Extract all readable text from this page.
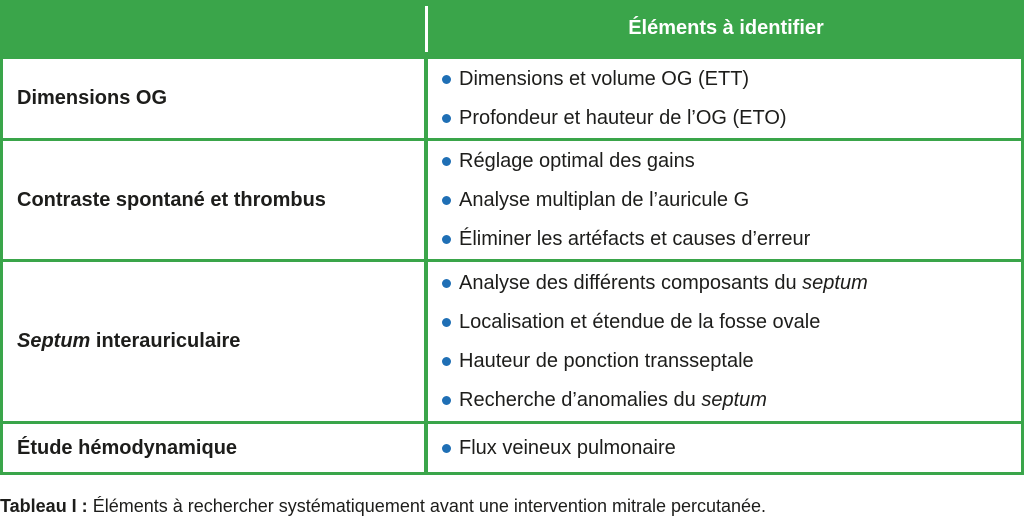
Éléments à identifier
Dimensions OG
Dimensions et volume OG (ETT)
Profondeur et hauteur de l’OG (ETO)
Contraste spontané et thrombus
Réglage optimal des gains
Analyse multiplan de l’auricule G
Éliminer les artéfacts et causes d’erreur
Septum interauriculaire
Analyse des différents composants du septum
Localisation et étendue de la fosse ovale
Hauteur de ponction transseptale
Recherche d’anomalies du septum
Étude hémodynamique	Flux veineux pulmonaire
Tableau I : Éléments à rechercher systématiquement avant une intervention mitrale percutanée.
